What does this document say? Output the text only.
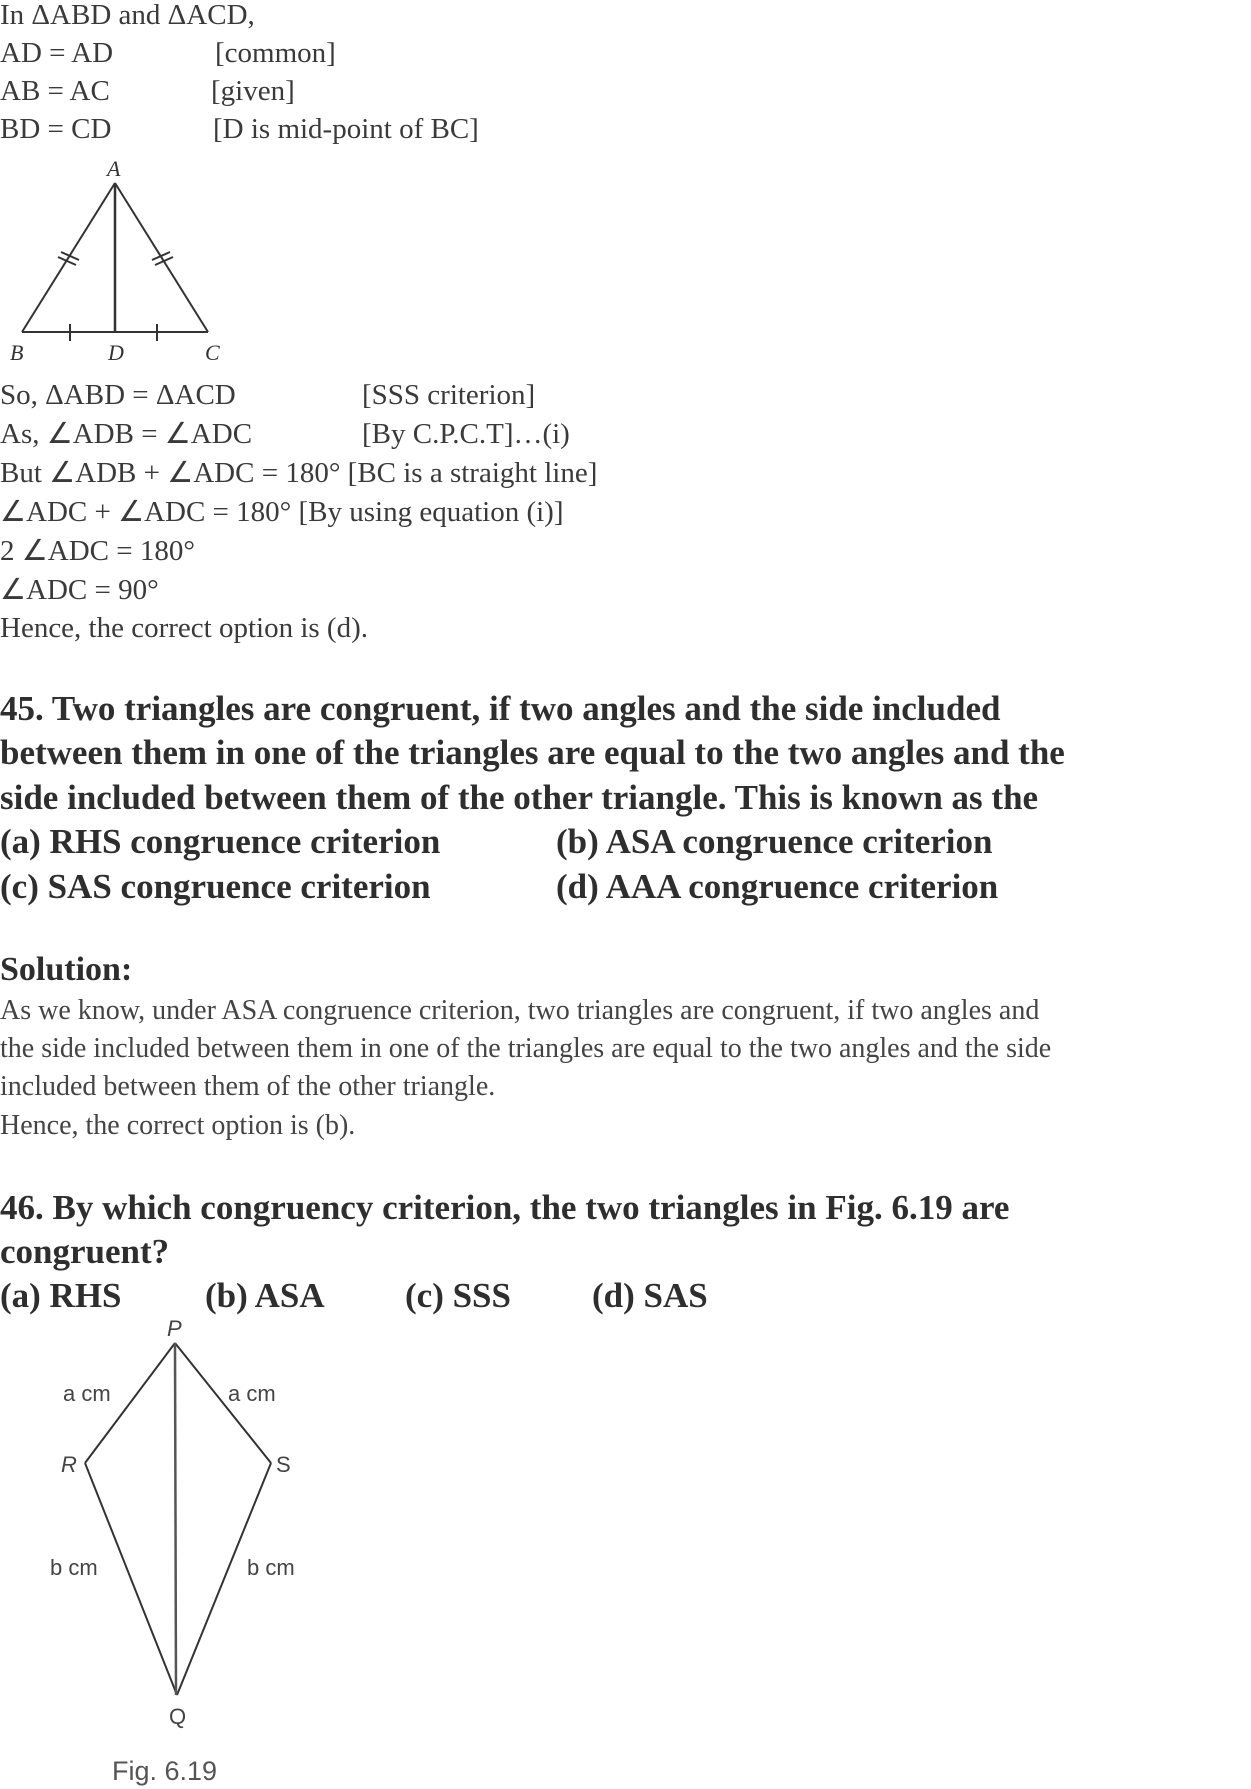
In ΔABD and ΔACD,
AD = AD	[common]
AB = AC	[given]
BD = CD	[D is mid-point of BC]
A
B	D	C
So, ΔABD = ΔACD	[SSS criterion]
As, ∠ADB = ∠ADC	[By C.P.C.T]…(i)
But ∠ADB + ∠ADC = 180° [BC is a straight line]
∠ADC + ∠ADC = 180° [By using equation (i)]
2 ∠ADC = 180°
∠ADC = 90°
Hence, the correct option is (d).
45. Two triangles are congruent, if two angles and the side included
between them in one of the triangles are equal to the two angles and the
side included between them of the other triangle. This is known as the
(a) RHS congruence criterion	(b) ASA congruence criterion
(c) SAS congruence criterion	(d) AAA congruence criterion
Solution:
As we know, under ASA congruence criterion, two triangles are congruent, if two angles and
the side included between them in one of the triangles are equal to the two angles and the side
included between them of the other triangle.
Hence, the correct option is (b).
46. By which congruency criterion, the two triangles in Fig. 6.19 are
congruent?
(a) RHS (b) ASA (c) SSS (d) SAS
P
R	S
Q
a cm	a cm
b cm	b cm
Fig. 6.19
